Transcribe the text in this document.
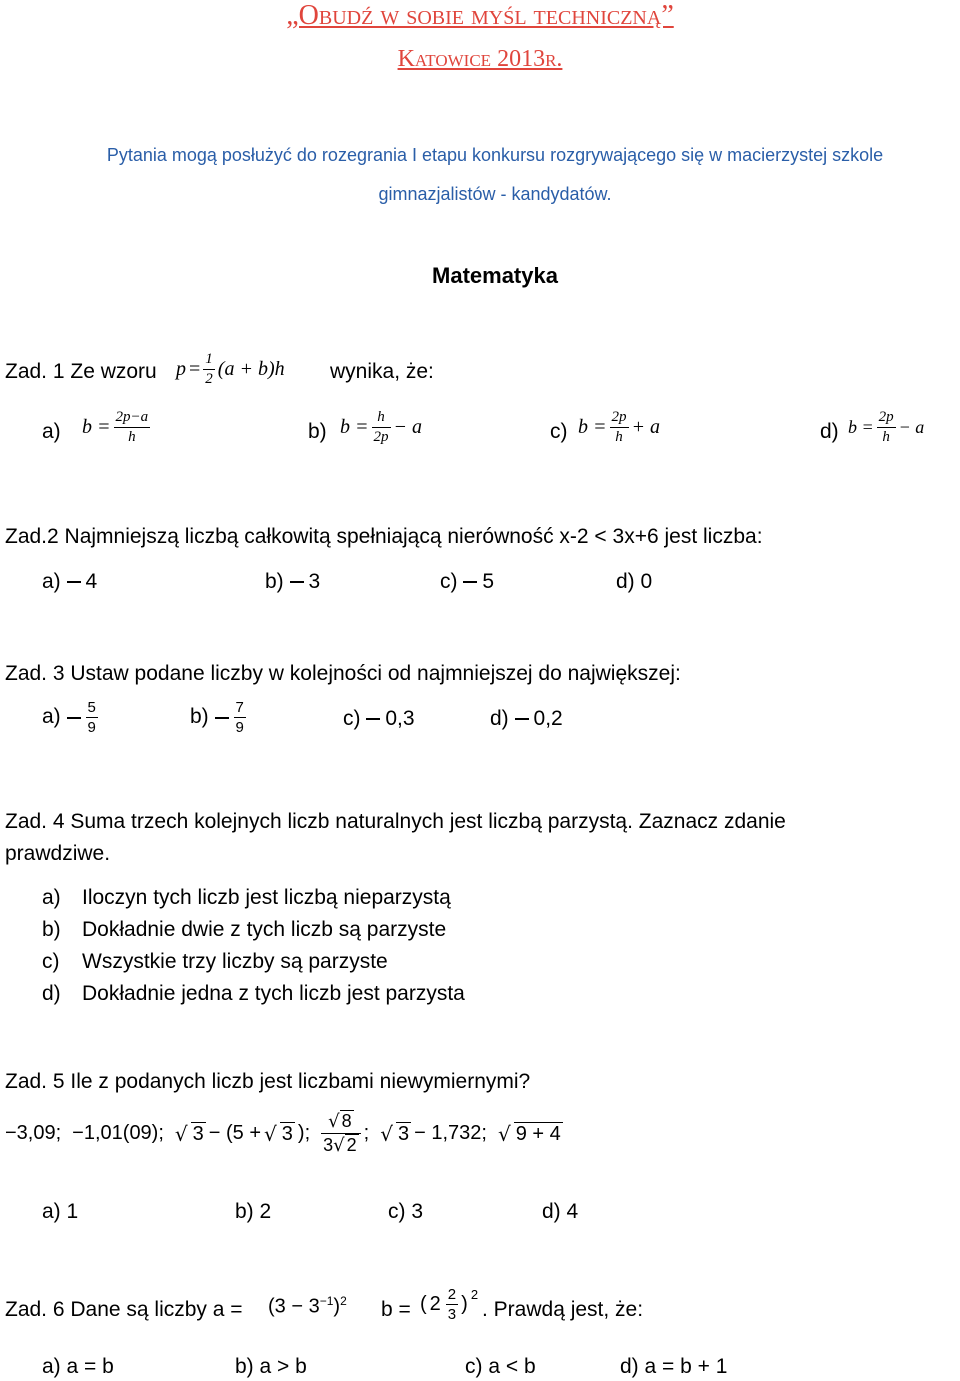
„Obudź w sobie myśl techniczną”
Katowice 2013r.
Pytania mogą posłużyć do rozegrania I etapu konkursu rozgrywającego się w macierzystej szkole
gimnazjalistów - kandydatów.
Matematyka
Zad. 1 Ze wzoru $p = \frac{1}{2} (a + b)h$ wynika, że:
a) $b = \frac{2p-a}{h}$	b) $b = \frac{h}{2p} - a$	c) $b = \frac{2p}{h} + a$	d) $b = \frac{2p}{h} - a$
Zad.2 Najmniejszą liczbą całkowitą spełniającą nierówność x-2 < 3x+6 jest liczba:
a) 4	b) 3	c) 5	d) 0
Zad. 3 Ustaw podane liczby w kolejności od najmniejszej do największej:
$a) \frac{5}{9}$	$b) \frac{7}{9}$	c) 0,3	d) 0,2
Zad. 4 Suma trzech kolejnych liczb naturalnych jest liczbą parzystą. Zaznacz zdanie
prawdziwe.
a) Iloczyn tych liczb jest liczbą nieparzystą
b) Dokładnie dwie z tych liczb są parzyste
c) Wszystkie trzy liczby są parzyste
d) Dokładnie jedna z tych liczb jest parzysta
Zad. 5 Ile z podanych liczb jest liczbami niewymiernymi?
−3,09; −1,01(09); √ 3 − (5 + √ 3 ); $\frac{√ 8}{3√ 2}$ ; √ 3 − 1,732; √ 9 + 4
a) 1	b) 2	c) 3	d) 4
Zad. 6 Dane są liczby $a = (3 - 3^{-1})^2$ b = ( $2 \frac{2}{3} )^2$
. Prawdą jest, że:
a) a = b	b) a > b	c) a < b	d) a = b + 1
